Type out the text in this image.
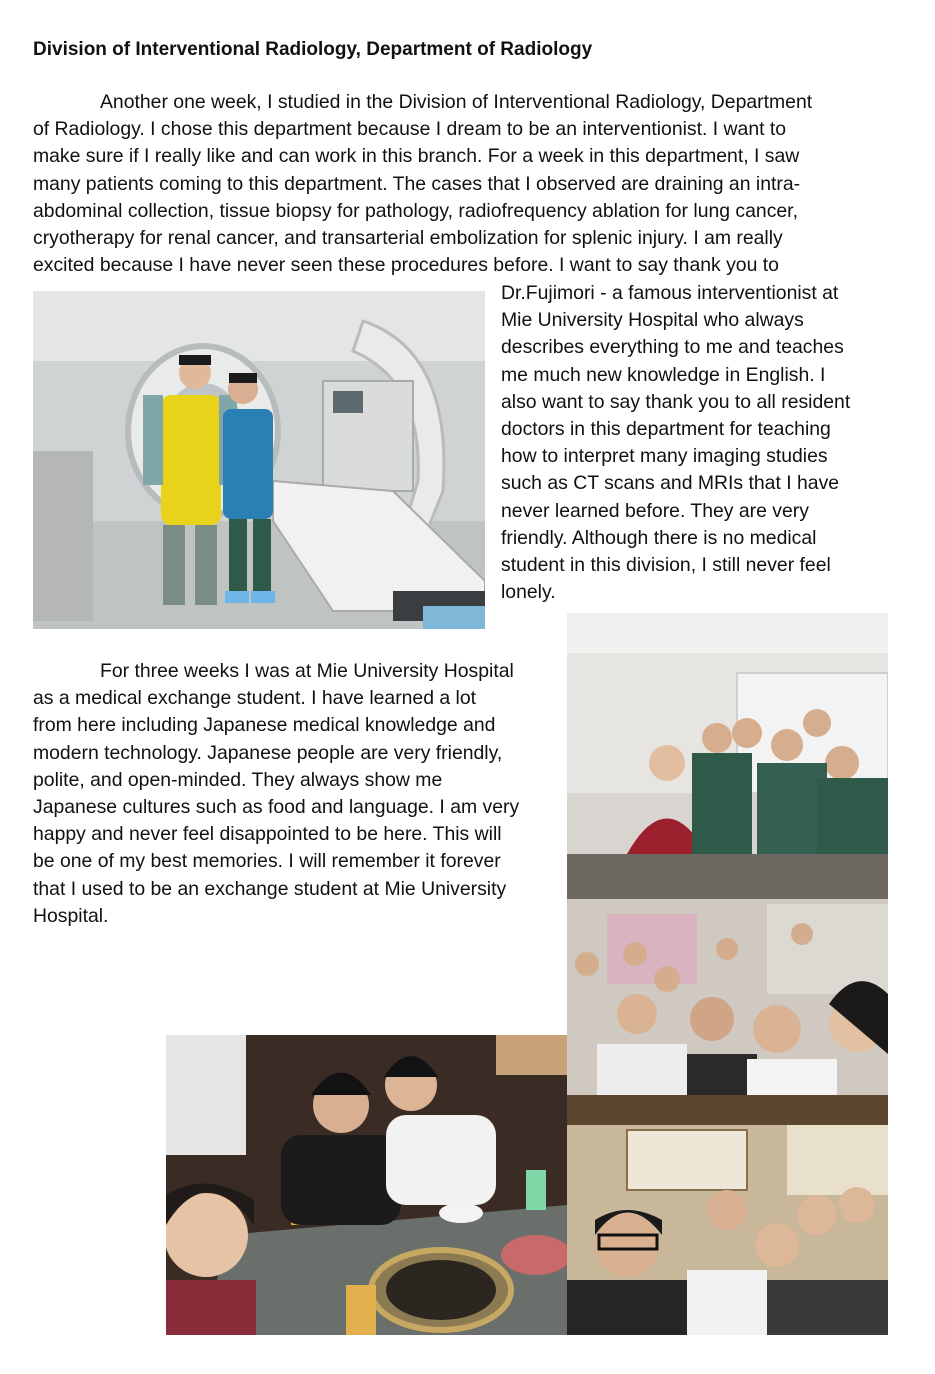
Division of Interventional Radiology, Department of Radiology
Another one week, I studied in the Division of Interventional Radiology, Department
of Radiology. I chose this department because I dream to be an interventionist. I want to
make sure if I really like and can work in this branch. For a week in this department, I saw
many patients coming to this department. The cases that I observed are draining an intra-
abdominal collection, tissue biopsy for pathology, radiofrequency ablation for lung cancer,
cryotherapy for renal cancer, and transarterial embolization for splenic injury. I am really
excited because I have never seen these procedures before. I want to say thank you to
Dr.Fujimori - a famous interventionist at
Mie University Hospital who always
describes everything to me and teaches
me much new knowledge in English. I
also want to say thank you to all resident
doctors in this department for teaching
how to interpret many imaging studies
such as CT scans and MRIs that I have
never learned before. They are very
friendly. Although there is no medical
student in this division, I still never feel
lonely.
For three weeks I was at Mie University Hospital
as a medical exchange student. I have learned a lot
from here including Japanese medical knowledge and
modern technology. Japanese people are very friendly,
polite, and open-minded. They always show me
Japanese cultures such as food and language. I am very
happy and never feel disappointed to be here. This will
be one of my best memories. I will remember it forever
that I used to be an exchange student at Mie University
Hospital.
